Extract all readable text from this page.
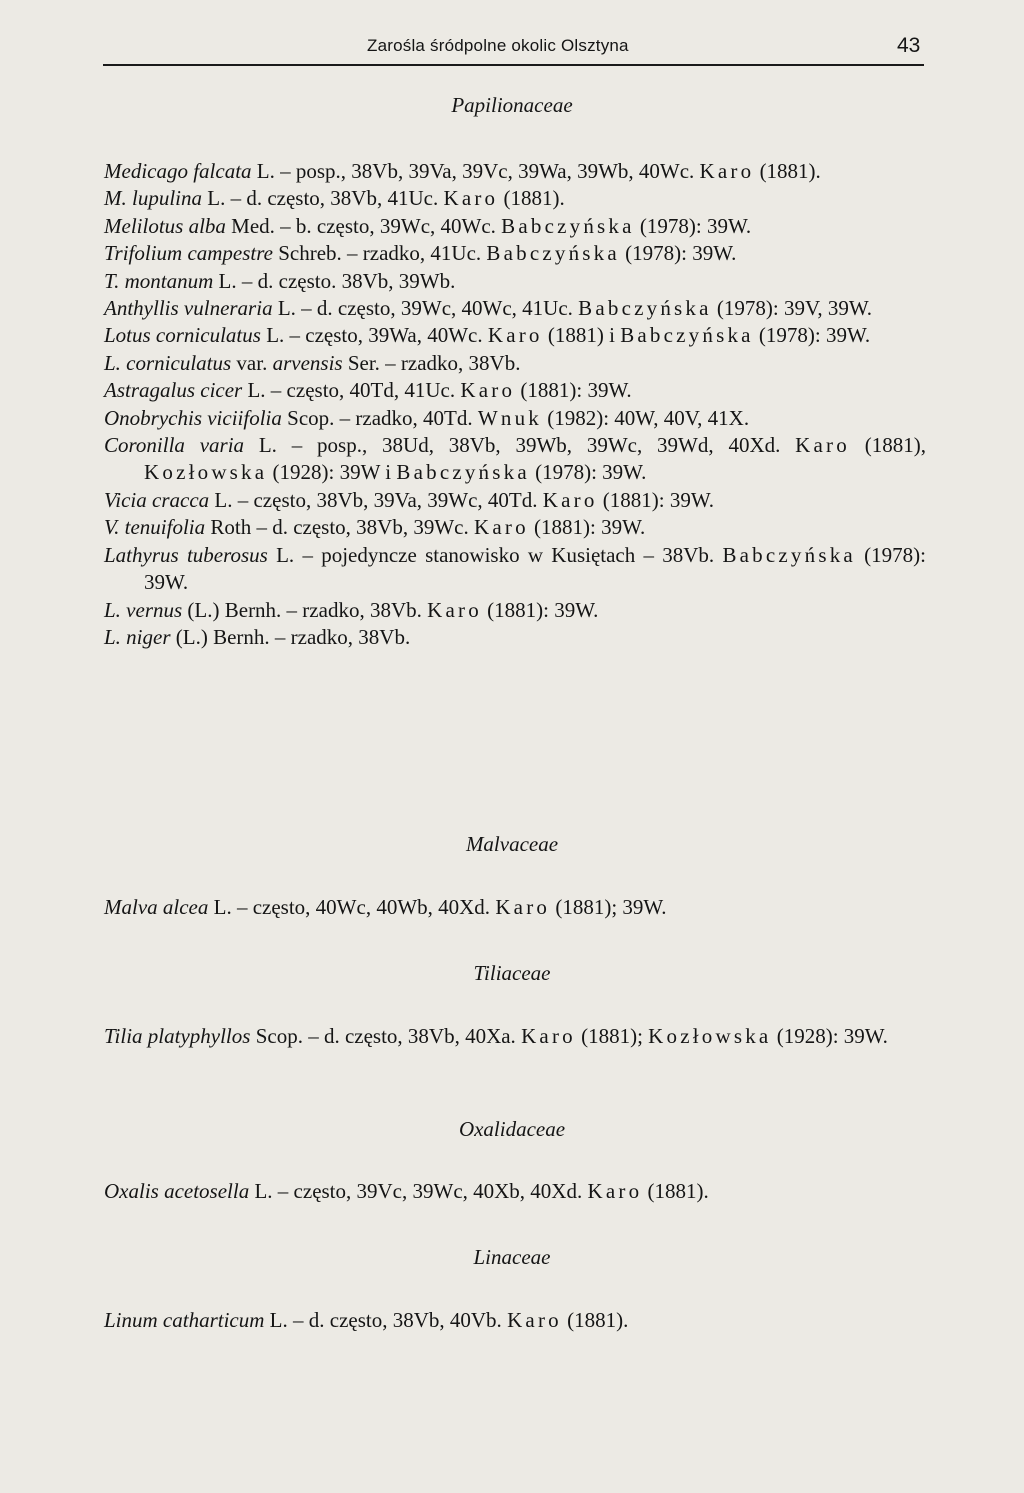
Zarośla śródpolne okolic Olsztyna	43
Papilionaceae
Medicago falcata L. – posp., 38Vb, 39Va, 39Vc, 39Wa, 39Wb, 40Wc. Karo (1881).
M. lupulina L. – d. często, 38Vb, 41Uc. Karo (1881).
Melilotus alba Med. – b. często, 39Wc, 40Wc. Babczyńska (1978): 39W.
Trifolium campestre Schreb. – rzadko, 41Uc. Babczyńska (1978): 39W.
T. montanum L. – d. często. 38Vb, 39Wb.
Anthyllis vulneraria L. – d. często, 39Wc, 40Wc, 41Uc. Babczyńska (1978): 39V, 39W.
Lotus corniculatus L. – często, 39Wa, 40Wc. Karo (1881) i Babczyńska (1978): 39W.
L. corniculatus var. arvensis Ser. – rzadko, 38Vb.
Astragalus cicer L. – często, 40Td, 41Uc. Karo (1881): 39W.
Onobrychis viciifolia Scop. – rzadko, 40Td. Wnuk (1982): 40W, 40V, 41X.
Coronilla varia L. – posp., 38Ud, 38Vb, 39Wb, 39Wc, 39Wd, 40Xd. Karo (1881), Kozłowska (1928): 39W i Babczyńska (1978): 39W.
Vicia cracca L. – często, 38Vb, 39Va, 39Wc, 40Td. Karo (1881): 39W.
V. tenuifolia Roth – d. często, 38Vb, 39Wc. Karo (1881): 39W.
Lathyrus tuberosus L. – pojedyncze stanowisko w Kusiętach – 38Vb. Babczyńska (1978): 39W.
L. vernus (L.) Bernh. – rzadko, 38Vb. Karo (1881): 39W.
L. niger (L.) Bernh. – rzadko, 38Vb.
Malvaceae
Malva alcea L. – często, 40Wc, 40Wb, 40Xd. Karo (1881); 39W.
Tiliaceae
Tilia platyphyllos Scop. – d. często, 38Vb, 40Xa. Karo (1881); Kozłowska (1928): 39W.
Oxalidaceae
Oxalis acetosella L. – często, 39Vc, 39Wc, 40Xb, 40Xd. Karo (1881).
Linaceae
Linum catharticum L. – d. często, 38Vb, 40Vb. Karo (1881).
